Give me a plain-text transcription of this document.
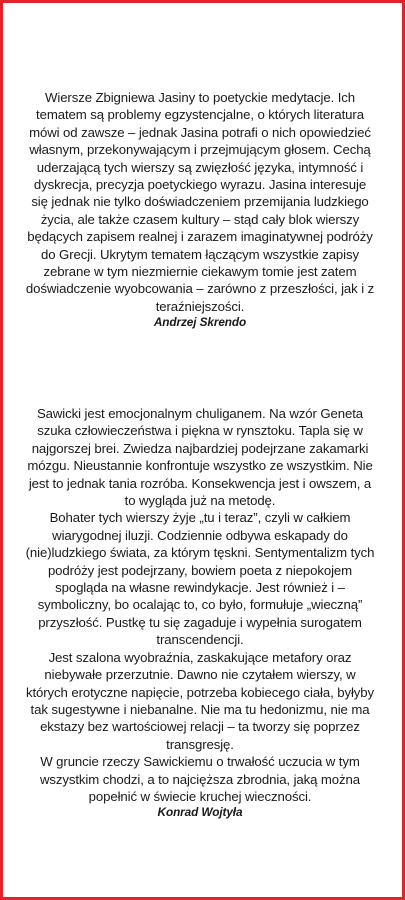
Wiersze Zbigniewa Jasiny to poetyckie medytacje. Ich tematem są problemy egzystencjalne, o których literatura mówi od zawsze – jednak Jasina potrafi o nich opowiedzieć własnym, przekonywającym i przejmującym głosem. Cechą uderzającą tych wierszy są zwięzłość języka, intymność i dyskrecja, precyzja poetyckiego wyrazu. Jasina interesuje się jednak nie tylko doświadczeniem przemijania ludzkiego życia, ale także czasem kultury – stąd cały blok wierszy będących zapisem realnej i zarazem imaginatywnej podróży do Grecji. Ukrytym tematem łączącym wszystkie zapisy zebrane w tym niezmiernie ciekawym tomie jest zatem doświadczenie wyobcowania – zarówno z przeszłości, jak i z teraźniejszości.

Andrzej Skrendo

Sawicki jest emocjonalnym chuliganem. Na wzór Geneta szuka człowieczeństwa i piękna w rynsztoku. Tapla się w najgorszej brei. Zwiedza najbardziej podejrzane zakamarki mózgu. Nieustannie konfrontuje wszystko ze wszystkim. Nie jest to jednak tania rozróba. Konsekwencja jest i owszem, a to wygląda już na metodę.

Bohater tych wierszy żyje „tu i teraz”, czyli w całkiem wiarygodnej iluzji. Codziennie odbywa eskapady do (nie)ludzkiego świata, za którym tęskni. Sentymentalizm tych podróży jest podejrzany, bowiem poeta z niepokojem spogląda na własne rewindykacje. Jest również i – symboliczny, bo ocalając to, co było, formułuje „wieczną” przyszłość. Pustkę tu się zagaduje i wypełnia surogatem transcendencji.

Jest szalona wyobraźnia, zaskakujące metafory oraz niebywałe przerzutnie. Dawno nie czytałem wierszy, w których erotyczne napięcie, potrzeba kobiecego ciała, byłyby tak sugestywne i niebanalne. Nie ma tu hedonizmu, nie ma ekstazy bez wartościowej relacji – ta tworzy się poprzez transgresję.

W gruncie rzeczy Sawickiemu o trwałość uczucia w tym wszystkim chodzi, a to najcięższa zbrodnia, jaką można popełnić w świecie kruchej wieczności.

Konrad Wojtyła
